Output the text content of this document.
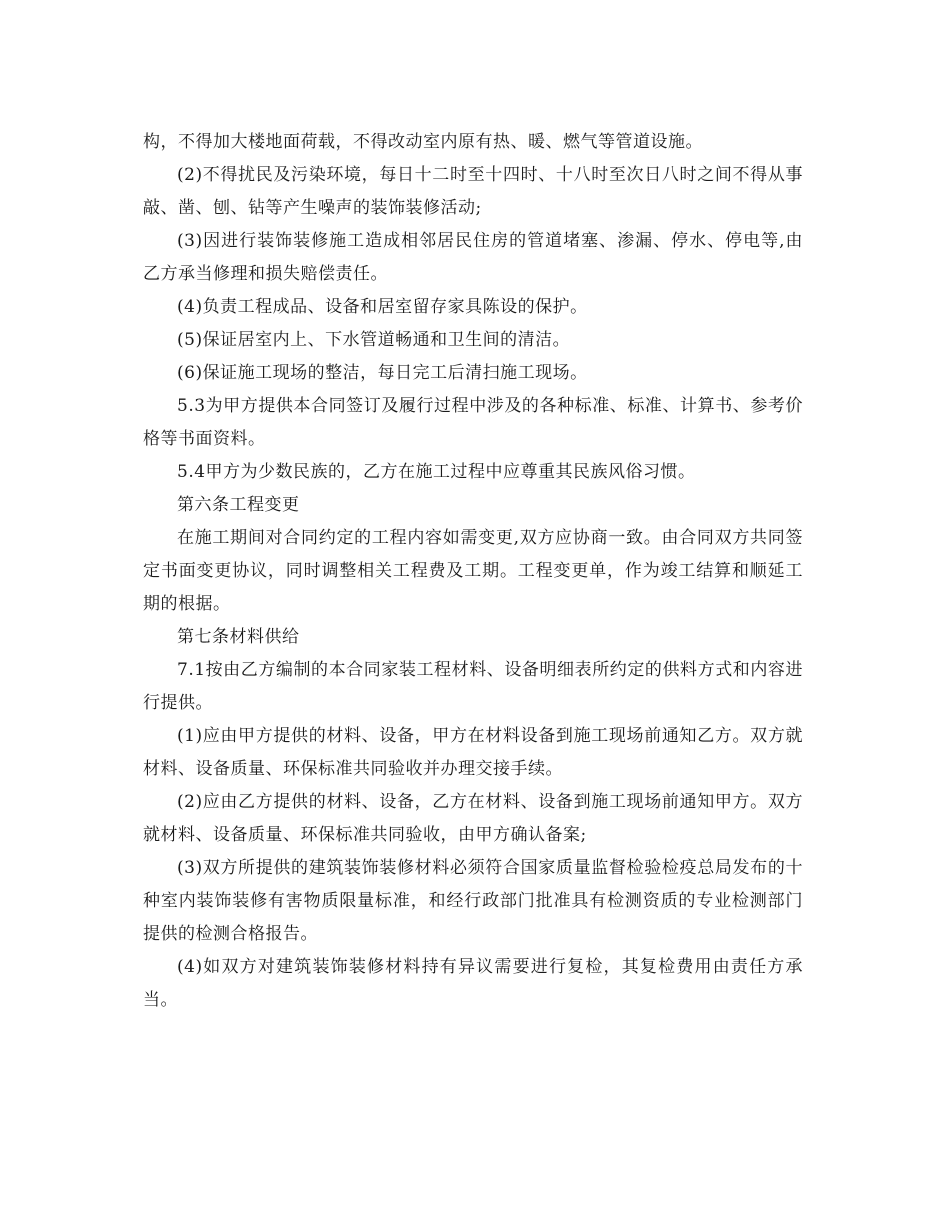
构，不得加大楼地面荷载，不得改动室内原有热、暖、燃气等管道设施。

(2)不得扰民及污染环境，每日十二时至十四时、十八时至次日八时之间不得从事敲、凿、刨、钻等产生噪声的装饰装修活动;

(3)因进行装饰装修施工造成相邻居民住房的管道堵塞、渗漏、停水、停电等,由乙方承当修理和损失赔偿责任。

(4)负责工程成品、设备和居室留存家具陈设的保护。

(5)保证居室内上、下水管道畅通和卫生间的清洁。

(6)保证施工现场的整洁，每日完工后清扫施工现场。

5.3为甲方提供本合同签订及履行过程中涉及的各种标准、标准、计算书、参考价格等书面资料。

5.4甲方为少数民族的，乙方在施工过程中应尊重其民族风俗习惯。

第六条工程变更

在施工期间对合同约定的工程内容如需变更,双方应协商一致。由合同双方共同签定书面变更协议，同时调整相关工程费及工期。工程变更单，作为竣工结算和顺延工期的根据。

第七条材料供给

7.1按由乙方编制的本合同家装工程材料、设备明细表所约定的供料方式和内容进行提供。

(1)应由甲方提供的材料、设备，甲方在材料设备到施工现场前通知乙方。双方就材料、设备质量、环保标准共同验收并办理交接手续。

(2)应由乙方提供的材料、设备，乙方在材料、设备到施工现场前通知甲方。双方就材料、设备质量、环保标准共同验收，由甲方确认备案;

(3)双方所提供的建筑装饰装修材料必须符合国家质量监督检验检疫总局发布的十种室内装饰装修有害物质限量标准，和经行政部门批准具有检测资质的专业检测部门提供的检测合格报告。

(4)如双方对建筑装饰装修材料持有异议需要进行复检，其复检费用由责任方承当。
